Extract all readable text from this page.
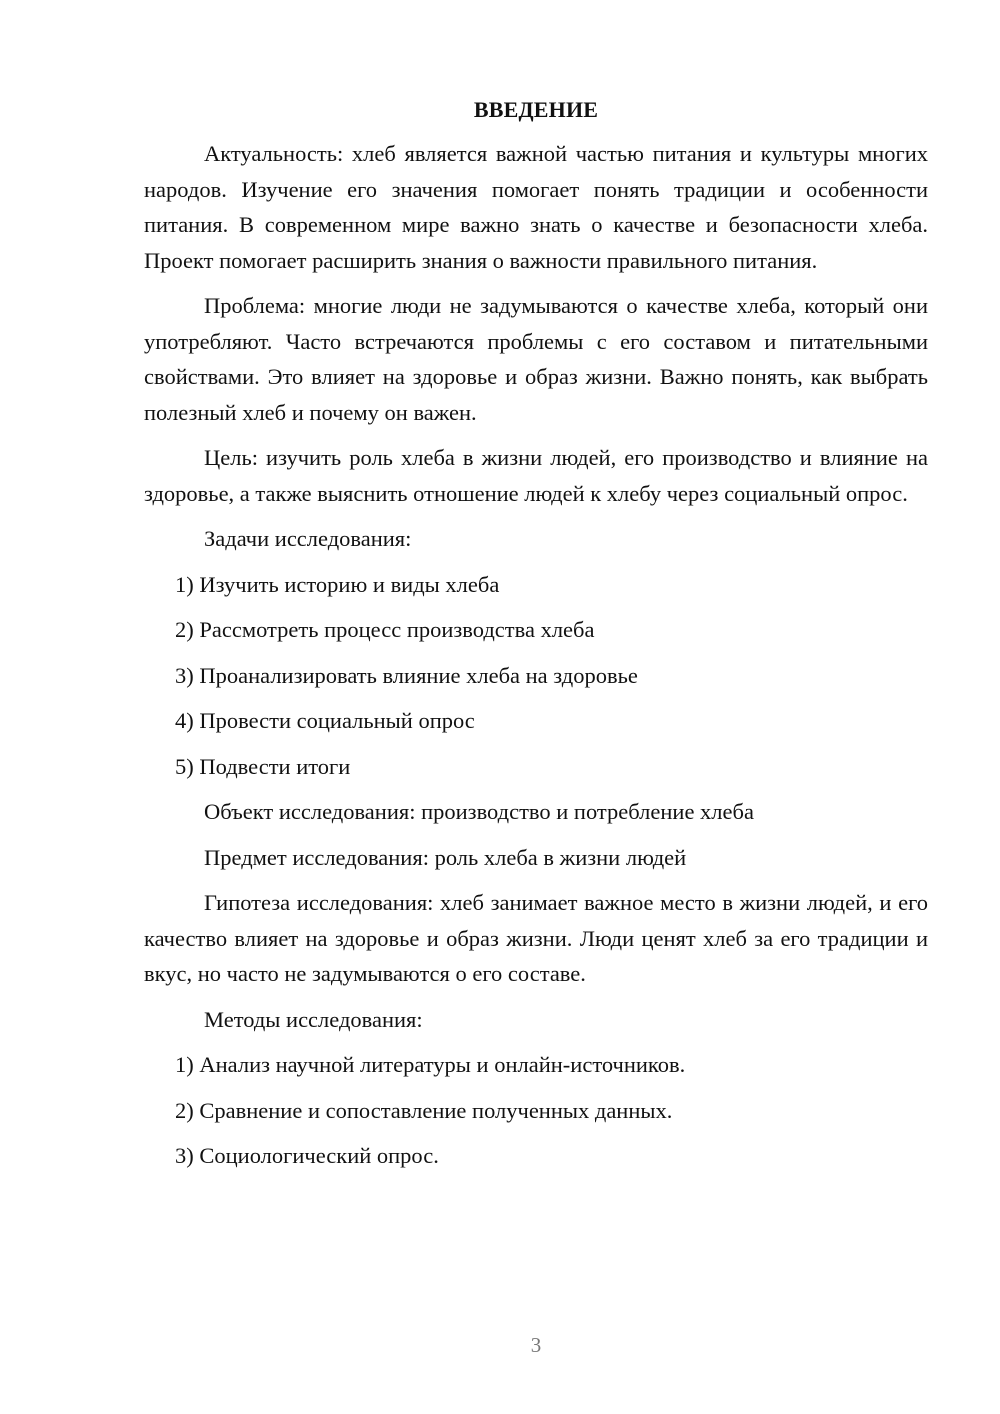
ВВЕДЕНИЕ
Актуальность: хлеб является важной частью питания и культуры многих народов. Изучение его значения помогает понять традиции и особенности питания. В современном мире важно знать о качестве и безопасности хлеба. Проект помогает расширить знания о важности правильного питания.
Проблема: многие люди не задумываются о качестве хлеба, который они употребляют. Часто встречаются проблемы с его составом и питательными свойствами. Это влияет на здоровье и образ жизни. Важно понять, как выбрать полезный хлеб и почему он важен.
Цель: изучить роль хлеба в жизни людей, его производство и влияние на здоровье, а также выяснить отношение людей к хлебу через социальный опрос.
Задачи исследования:
1) Изучить историю и виды хлеба
2) Рассмотреть процесс производства хлеба
3) Проанализировать влияние хлеба на здоровье
4) Провести социальный опрос
5) Подвести итоги
Объект исследования: производство и потребление хлеба
Предмет исследования: роль хлеба в жизни людей
Гипотеза исследования: хлеб занимает важное место в жизни людей, и его качество влияет на здоровье и образ жизни. Люди ценят хлеб за его традиции и вкус, но часто не задумываются о его составе.
Методы исследования:
1) Анализ научной литературы и онлайн-источников.
2) Сравнение и сопоставление полученных данных.
3) Социологический опрос.
3
